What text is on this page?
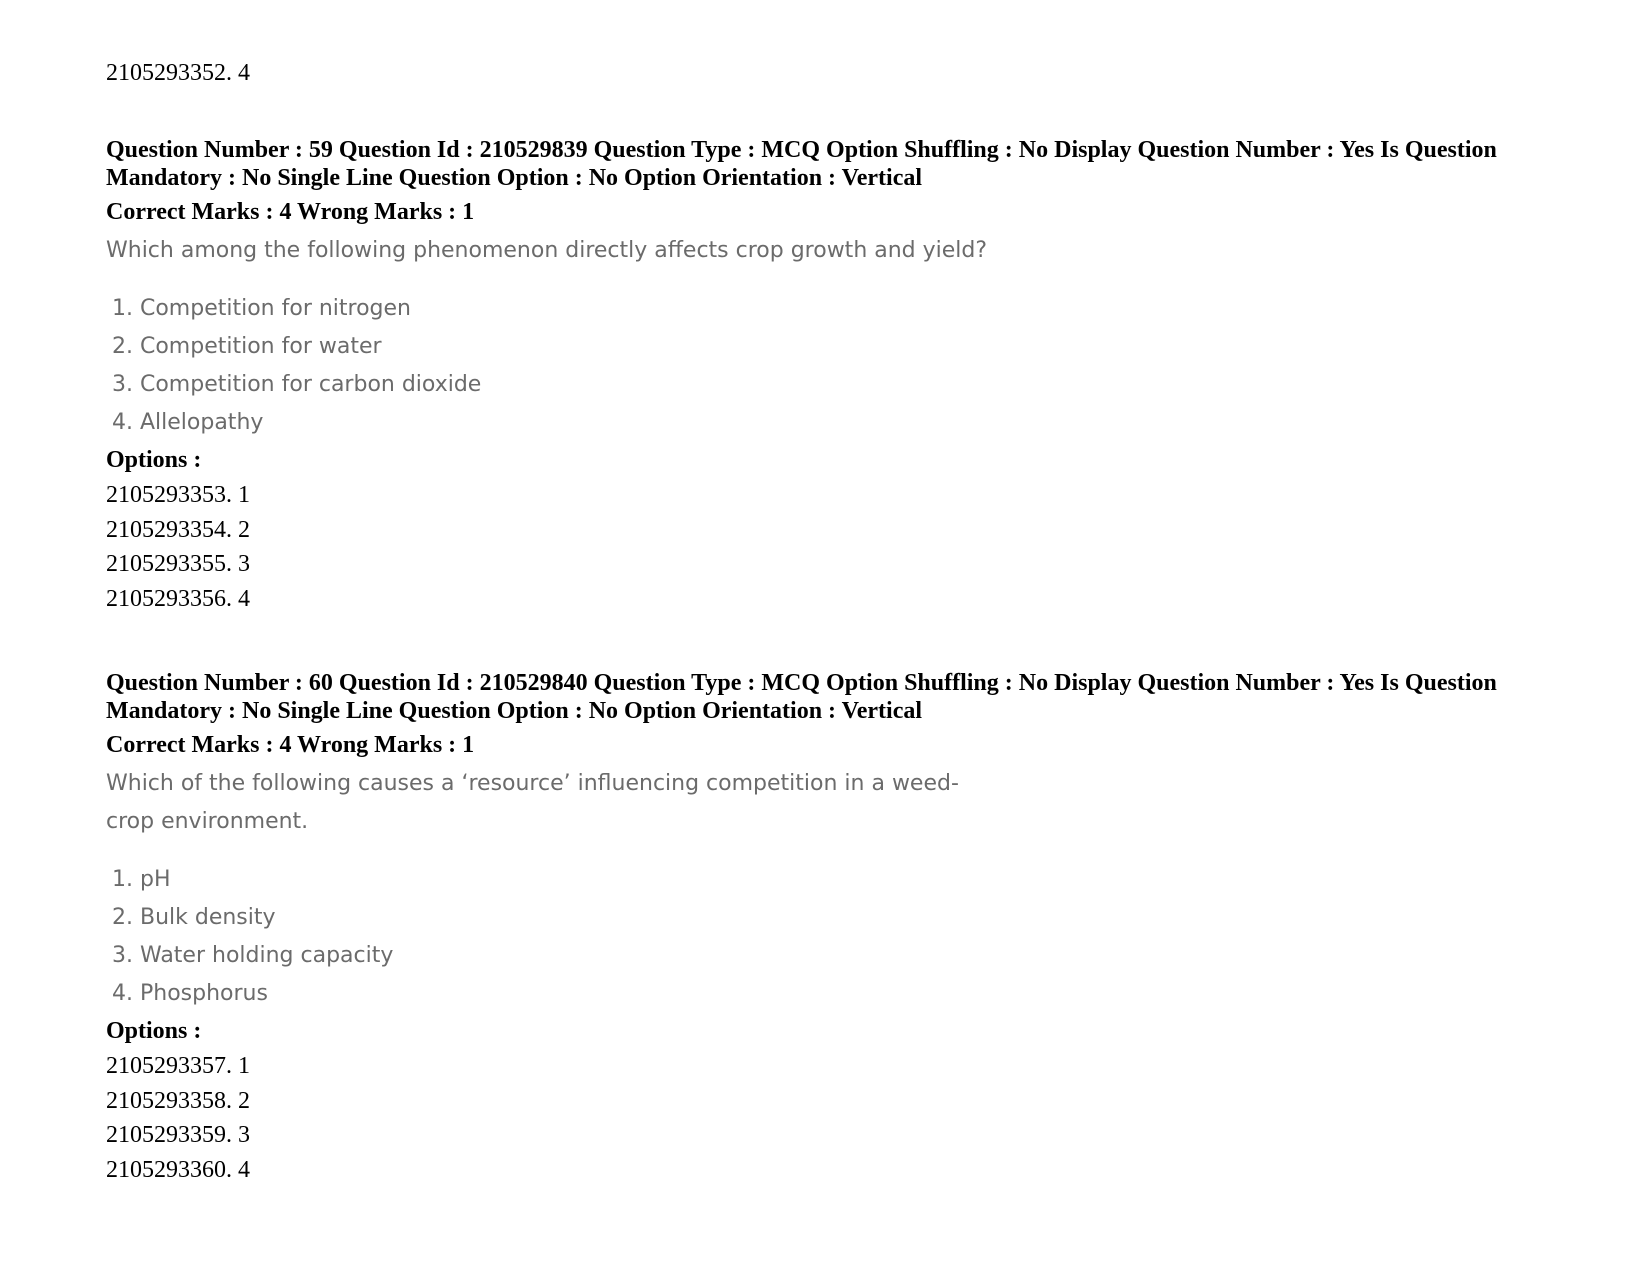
2105293352. 4
Question Number : 59 Question Id : 210529839 Question Type : MCQ Option Shuffling : No Display Question Number : Yes Is Question Mandatory : No Single Line Question Option : No Option Orientation : Vertical
Correct Marks : 4 Wrong Marks : 1
Which among the following phenomenon directly affects crop growth and yield?
1. Competition for nitrogen
2. Competition for water
3. Competition for carbon dioxide
4. Allelopathy
Options :
2105293353. 1
2105293354. 2
2105293355. 3
2105293356. 4
Question Number : 60 Question Id : 210529840 Question Type : MCQ Option Shuffling : No Display Question Number : Yes Is Question Mandatory : No Single Line Question Option : No Option Orientation : Vertical
Correct Marks : 4 Wrong Marks : 1
Which of the following causes a ‘resource’ influencing competition in a weed-crop environment.
1. pH
2. Bulk density
3. Water holding capacity
4. Phosphorus
Options :
2105293357. 1
2105293358. 2
2105293359. 3
2105293360. 4
